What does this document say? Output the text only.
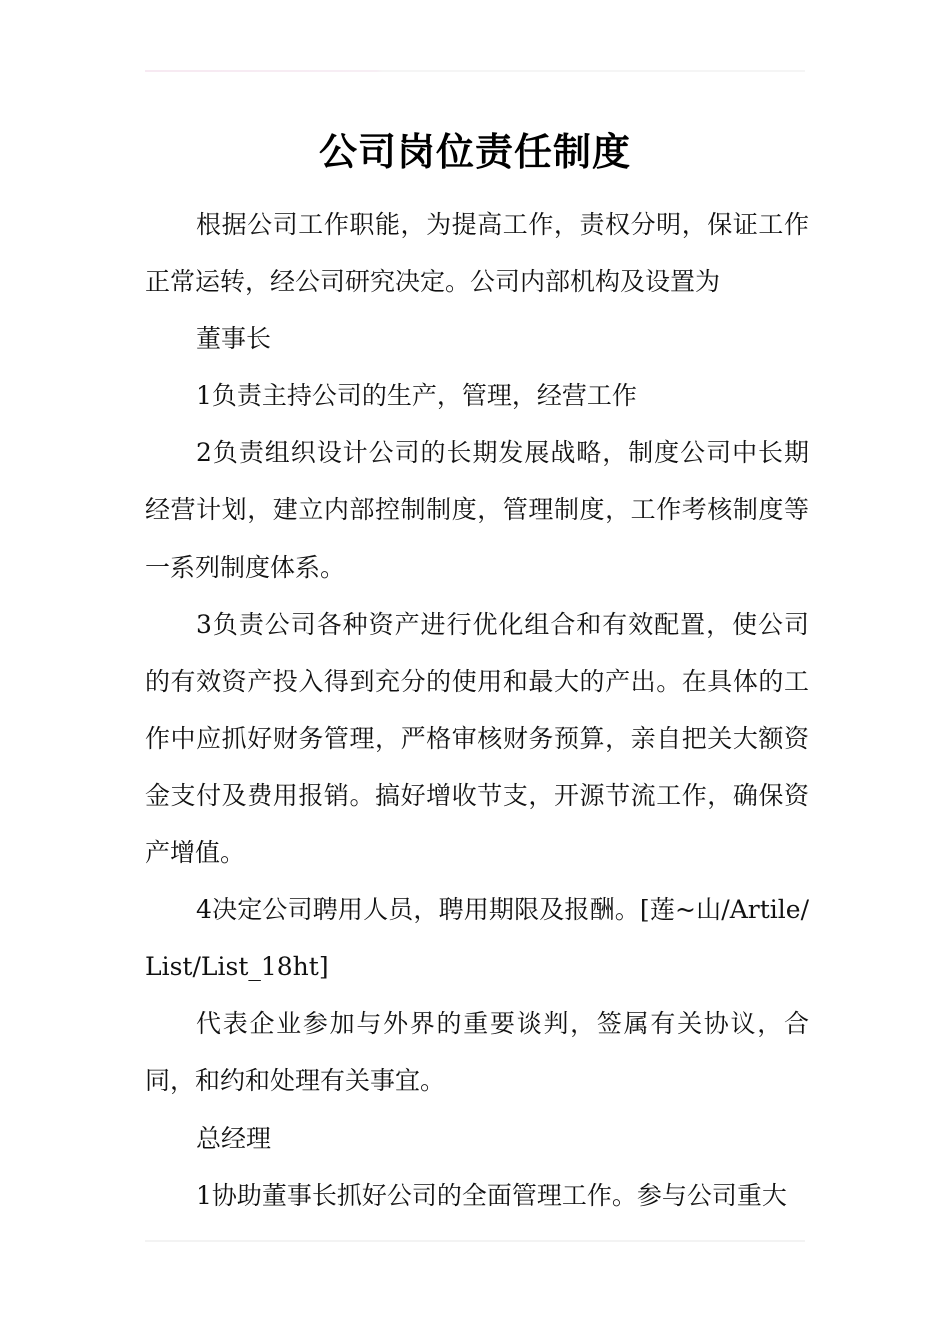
公司岗位责任制度

根据公司工作职能，为提高工作，责权分明，保证工作正常运转，经公司研究决定。公司内部机构及设置为

董事长

1负责主持公司的生产，管理，经营工作

2负责组织设计公司的长期发展战略，制度公司中长期经营计划，建立内部控制制度，管理制度，工作考核制度等一系列制度体系。

3负责公司各种资产进行优化组合和有效配置，使公司的有效资产投入得到充分的使用和最大的产出。在具体的工作中应抓好财务管理，严格审核财务预算，亲自把关大额资金支付及费用报销。搞好增收节支，开源节流工作，确保资产增值。

4决定公司聘用人员，聘用期限及报酬。[莲~山/Artile/List/List_18ht]

代表企业参加与外界的重要谈判，签属有关协议，合同，和约和处理有关事宜。

总经理

1协助董事长抓好公司的全面管理工作。参与公司重大
